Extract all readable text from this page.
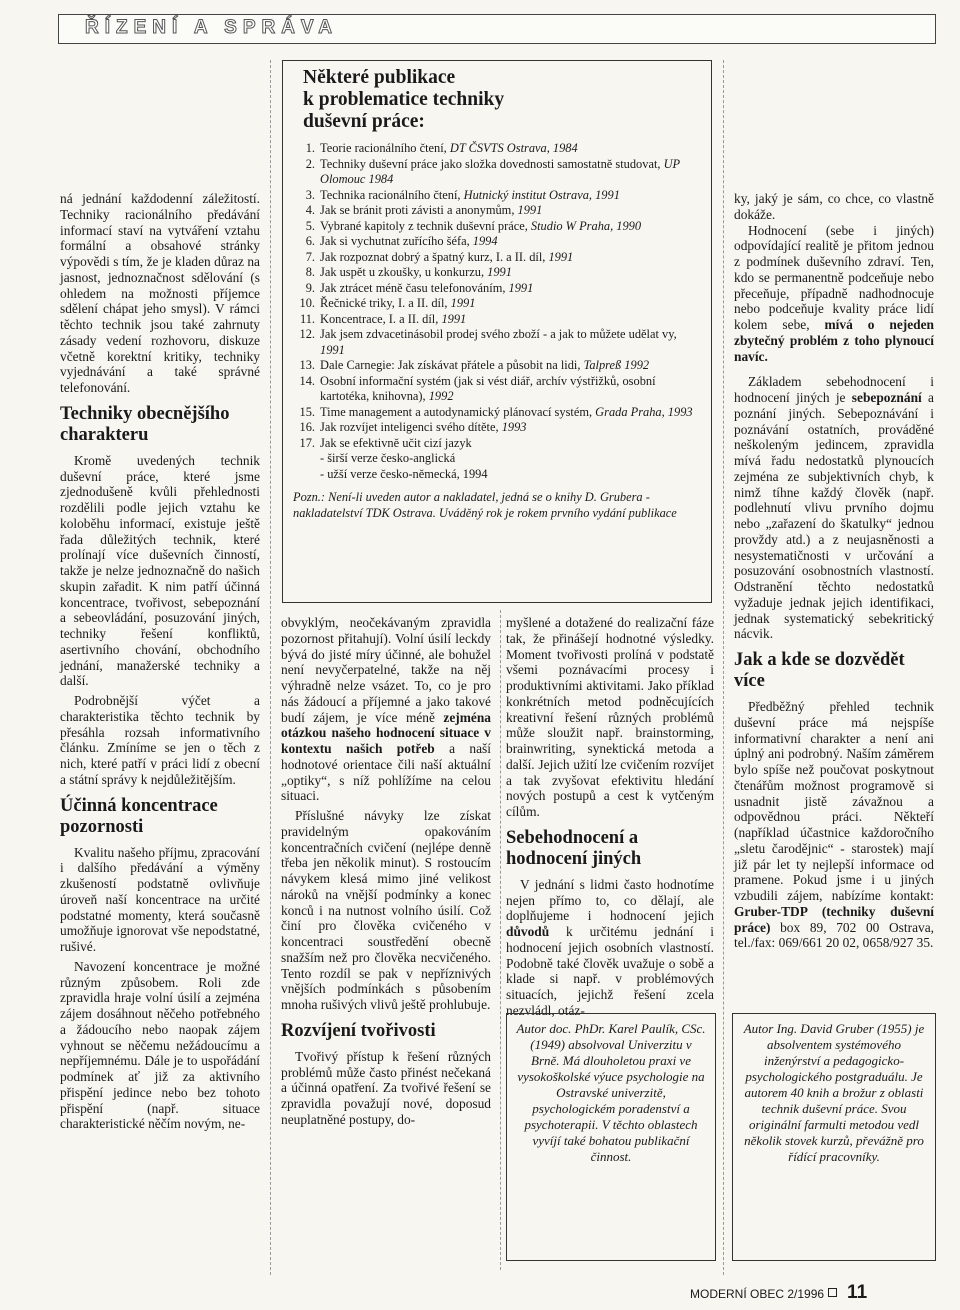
ŘÍZENÍ A SPRÁVA
Některé publikace
k problematice techniky
duševní práce:
1. Teorie racionálního čtení, DT ČSVTS Ostrava, 1984
2. Techniky duševní práce jako složka dovednosti samostatně studovat, UP Olomouc 1984
3. Technika racionálního čtení, Hutnický institut Ostrava, 1991
4. Jak se bránit proti závisti a anonymům, 1991
5. Vybrané kapitoly z technik duševní práce, Studio W Praha, 1990
6. Jak si vychutnat zuřícího šéfa, 1994
7. Jak rozpoznat dobrý a špatný kurz, I. a II. díl, 1991
8. Jak uspět u zkoušky, u konkurzu, 1991
9. Jak ztrácet méně času telefonováním, 1991
10. Řečnické triky, I. a II. díl, 1991
11. Koncentrace, I. a II. díl, 1991
12. Jak jsem zdvacetinásobil prodej svého zboží - a jak to můžete udělat vy, 1991
13. Dale Carnegie: Jak získávat přátele a působit na lidi, Talpreß 1992
14. Osobní informační systém (jak si vést diář, archív výstřižků, osobní kartotéka, knihovna), 1992
15. Time management a autodynamický plánovací systém, Grada Praha, 1993
16. Jak rozvíjet inteligenci svého dítěte, 1993
17. Jak se efektivně učit cizí jazyk
- širší verze česko-anglická
- užší verze česko-německá, 1994
Pozn.: Není-li uveden autor a nakladatel, jedná se o knihy D. Grubera - nakladatelství TDK Ostrava. Uváděný rok je rokem prvního vydání publikace

ná jednání každodenní záležitostí. Techniky racionálního předávání informací staví na vytváření vztahu formální a obsahové stránky výpovědi s tím, že je kladen důraz na jasnost, jednoznačnost sdělování (s ohledem na možnosti příjemce sdělení chápat jeho smysl). V rámci těchto technik jsou také zahrnuty zásady vedení rozhovoru, diskuze včetně korektní kritiky, techniky vyjednávání a také správné telefonování.

Techniky obecnějšího charakteru

Kromě uvedených technik duševní práce, které jsme zjednodušeně kvůli přehlednosti rozdělili podle jejich vztahu ke koloběhu informací, existuje ještě řada důležitých technik, které prolínají více duševních činností, takže je nelze jednoznačně do našich skupin zařadit. K nim patří účinná koncentrace, tvořivost, sebepoznání a sebeovládání, posuzování jiných, techniky řešení konfliktů, asertivního chování, obchodního jednání, manažerské techniky a další.

Podrobnější výčet a charakteristika těchto technik by přesáhla rozsah informativního článku. Zmíníme se jen o těch z nich, které patří v práci lidí z obecní a státní správy k nejdůležitějším.

Účinná koncentrace pozornosti

Kvalitu našeho příjmu, zpracování i dalšího předávání a výměny zkušeností podstatně ovlivňuje úroveň naší koncentrace na určité podstatné momenty, která současně umožňuje ignorovat vše nepodstatné, rušivé.

Navození koncentrace je možné různým způsobem. Roli zde zpravidla hraje volní úsilí a zejména zájem dosáhnout něčeho potřebného a žádoucího nebo naopak zájem vyhnout se něčemu nežádoucímu a nepříjemnému. Dále je to uspořádání podmínek ať již za aktivního přispění jedince nebo bez tohoto přispění (např. situace charakteristické něčím novým, ne-

obvyklým, neočekávaným zpravidla pozornost přitahují). Volní úsilí leckdy bývá do jisté míry účinné, ale bohužel není nevyčerpatelné, takže na něj výhradně nelze vsázet. To, co je pro nás žádoucí a příjemné a jako takové budí zájem, je více méně zejména otázkou našeho hodnocení situace v kontextu našich potřeb a naší hodnotové orientace čili naší aktuální „optiky“, s níž pohlížíme na celou situaci.

Příslušné návyky lze získat pravidelným opakováním koncentračních cvičení (nejlépe denně třeba jen několik minut). S rostoucím návykem klesá mimo jiné velikost nároků na vnější podmínky a konec konců i na nutnost volního úsilí. Což činí pro člověka cvičeného v koncentraci soustředění obecně snažším než pro člověka necvičeného. Tento rozdíl se pak v nepříznivých vnějších podmínkách s působením mnoha rušivých vlivů ještě prohlubuje.

Rozvíjení tvořivosti

Tvořivý přístup k řešení různých problémů může často přinést nečekaná a účinná opatření. Za tvořivé řešení se zpravidla považují nové, doposud neuplatněné postupy, do-

myšlené a dotažené do realizační fáze tak, že přinášejí hodnotné výsledky. Moment tvořivosti prolíná v podstatě všemi poznávacími procesy i produktivními aktivitami. Jako příklad konkrétních metod podněcujících kreativní řešení různých problémů může sloužit např. brainstorming, brainwriting, synektická metoda a další. Jejich užití lze cvičením rozvíjet a tak zvyšovat efektivitu hledání nových postupů a cest k vytčeným cílům.

Sebehodnocení a hodnocení jiných

V jednání s lidmi často hodnotíme nejen přímo to, co dělají, ale doplňujeme i hodnocení jejich důvodů k určitému jednání i hodnocení jejich osobních vlastností. Podobně také člověk uvažuje o sobě a klade si např. v problémových situacích, jejichž řešení zcela nezvládl, otáz-

Autor doc. PhDr. Karel Paulík, CSc. (1949) absolvoval Univerzitu v Brně. Má dlouholetou praxi ve vysokoškolské výuce psychologie na Ostravské univerzitě, psychologickém poradenství a psychoterapii. V těchto oblastech vyvíjí také bohatou publikační činnost.

ky, jaký je sám, co chce, co vlastně dokáže.

Hodnocení (sebe i jiných) odpovídající realitě je přitom jednou z podmínek duševního zdraví. Ten, kdo se permanentně podceňuje nebo přeceňuje, případně nadhodnocuje nebo podceňuje kvality práce lidí kolem sebe, mívá o nejeden zbytečný problém z toho plynoucí navíc.

Základem sebehodnocení i hodnocení jiných je sebepoznání a poznání jiných. Sebepoznávání i poznávání ostatních, prováděné neškoleným jedincem, zpravidla mívá řadu nedostatků plynoucích zejména ze subjektivních chyb, k nimž tíhne každý člověk (např. podlehnutí vlivu prvního dojmu nebo „zařazení do škatulky“ jednou provždy atd.) a z neujasněnosti a nesystematičnosti v určování a posuzování osobnostních vlastností. Odstranění těchto nedostatků vyžaduje jednak jejich identifikaci, jednak systematický sebekritický nácvik.

Jak a kde se dozvědět více

Předběžný přehled technik duševní práce má nejspíše informativní charakter a není ani úplný ani podrobný. Naším záměrem bylo spíše než poučovat poskytnout čtenářům možnost programově si usnadnit jistě závažnou a odpovědnou práci. Někteří (například účastnice každoročního „sletu čarodějnic“ - starostek) mají již pár let ty nejlepší informace od pramene. Pokud jsme i u jiných vzbudili zájem, nabízíme kontakt: Gruber-TDP (techniky duševní práce) box 89, 702 00 Ostrava, tel./fax: 069/661 20 02, 0658/927 35.

Autor Ing. David Gruber (1955) je absolventem systémového inženýrství a pedagogicko-psychologického postgraduálu. Je autorem 40 knih a brožur z oblasti technik duševní práce. Svou originální farmulti metodou vedl několik stovek kurzů, převážně pro řídící pracovníky.
MODERNÍ OBEC 2/1996 11
